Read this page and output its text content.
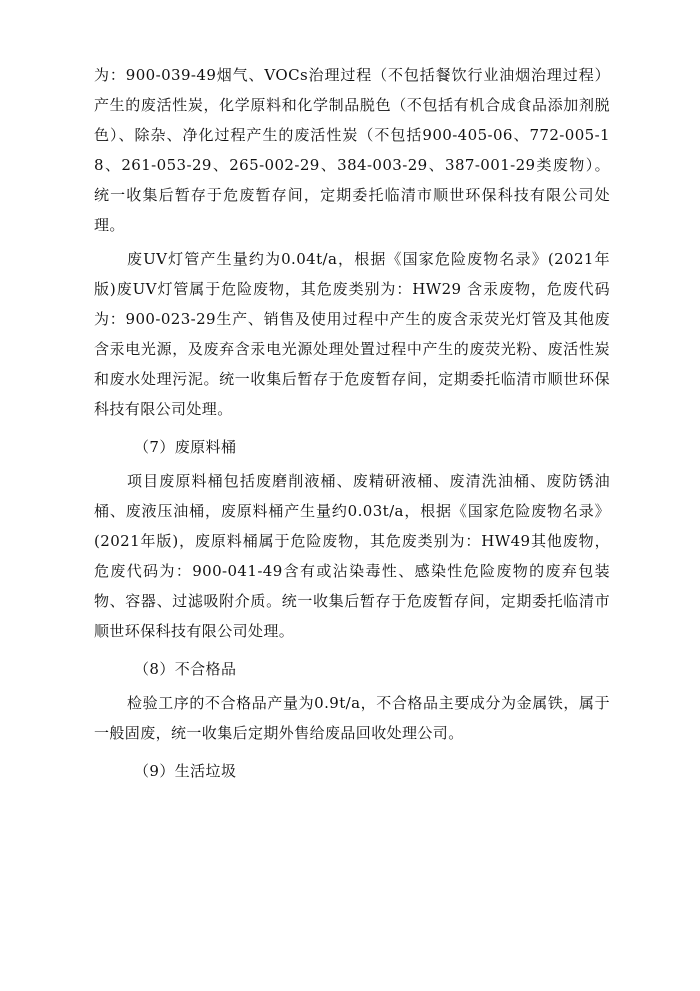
为：900-039-49烟气、VOCs治理过程（不包括餐饮行业油烟治理过程）产生的废活性炭，化学原料和化学制品脱色（不包括有机合成食品添加剂脱色）、除杂、净化过程产生的废活性炭（不包括900-405-06、772-005-18、261-053-29、265-002-29、384-003-29、387-001-29类废物）。统一收集后暂存于危废暂存间，定期委托临清市顺世环保科技有限公司处理。

废UV灯管产生量约为0.04t/a，根据《国家危险废物名录》(2021年版)废UV灯管属于危险废物，其危废类别为：HW29 含汞废物，危废代码为：900-023-29生产、销售及使用过程中产生的废含汞荧光灯管及其他废含汞电光源，及废弃含汞电光源处理处置过程中产生的废荧光粉、废活性炭和废水处理污泥。统一收集后暂存于危废暂存间，定期委托临清市顺世环保科技有限公司处理。

（7）废原料桶

项目废原料桶包括废磨削液桶、废精研液桶、废清洗油桶、废防锈油桶、废液压油桶，废原料桶产生量约0.03t/a，根据《国家危险废物名录》(2021年版)，废原料桶属于危险废物，其危废类别为：HW49其他废物，危废代码为：900-041-49含有或沾染毒性、感染性危险废物的废弃包装物、容器、过滤吸附介质。统一收集后暂存于危废暂存间，定期委托临清市顺世环保科技有限公司处理。

（8）不合格品

检验工序的不合格品产量为0.9t/a，不合格品主要成分为金属铁，属于一般固废，统一收集后定期外售给废品回收处理公司。

（9）生活垃圾
